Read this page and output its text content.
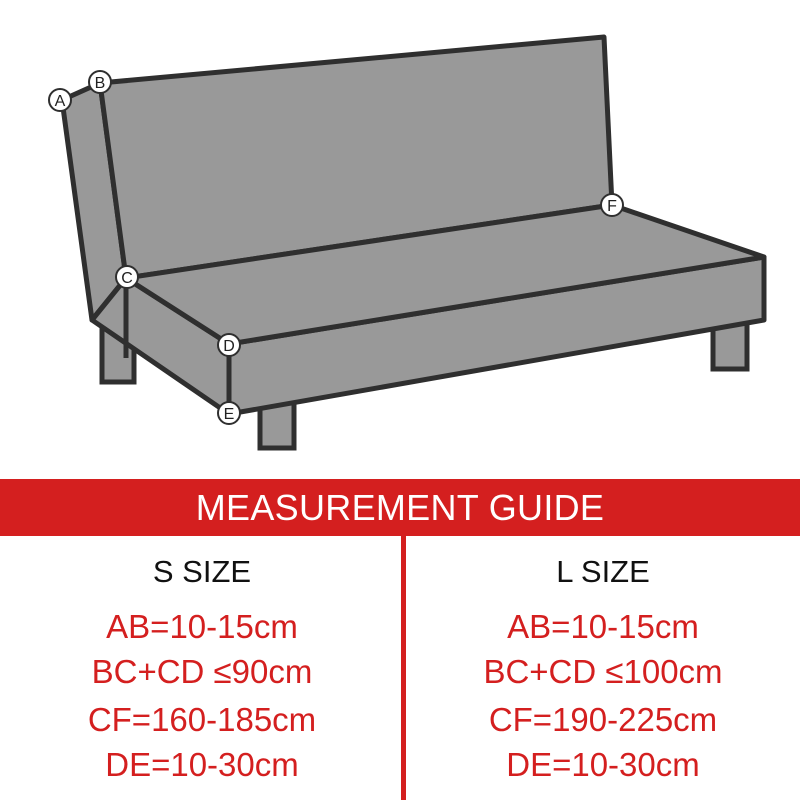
A
B
C
D
E
F
MEASUREMENT GUIDE
S SIZE
AB=10-15cm
BC+CD ≤90cm
CF=160-185cm
DE=10-30cm
L SIZE
AB=10-15cm
BC+CD ≤100cm
CF=190-225cm
DE=10-30cm
